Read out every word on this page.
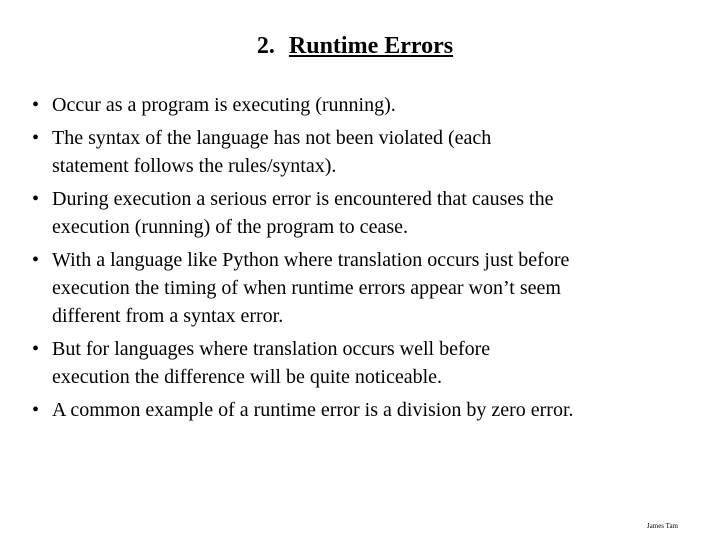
2. Runtime Errors
• Occur as a program is executing (running).
• The syntax of the language has not been violated (each
statement follows the rules/syntax).
• During execution a serious error is encountered that causes the
execution (running) of the program to cease.
• With a language like Python where translation occurs just before
execution the timing of when runtime errors appear won’t seem
different from a syntax error.
• But for languages where translation occurs well before
execution the difference will be quite noticeable.
• A common example of a runtime error is a division by zero error.
James Tam
